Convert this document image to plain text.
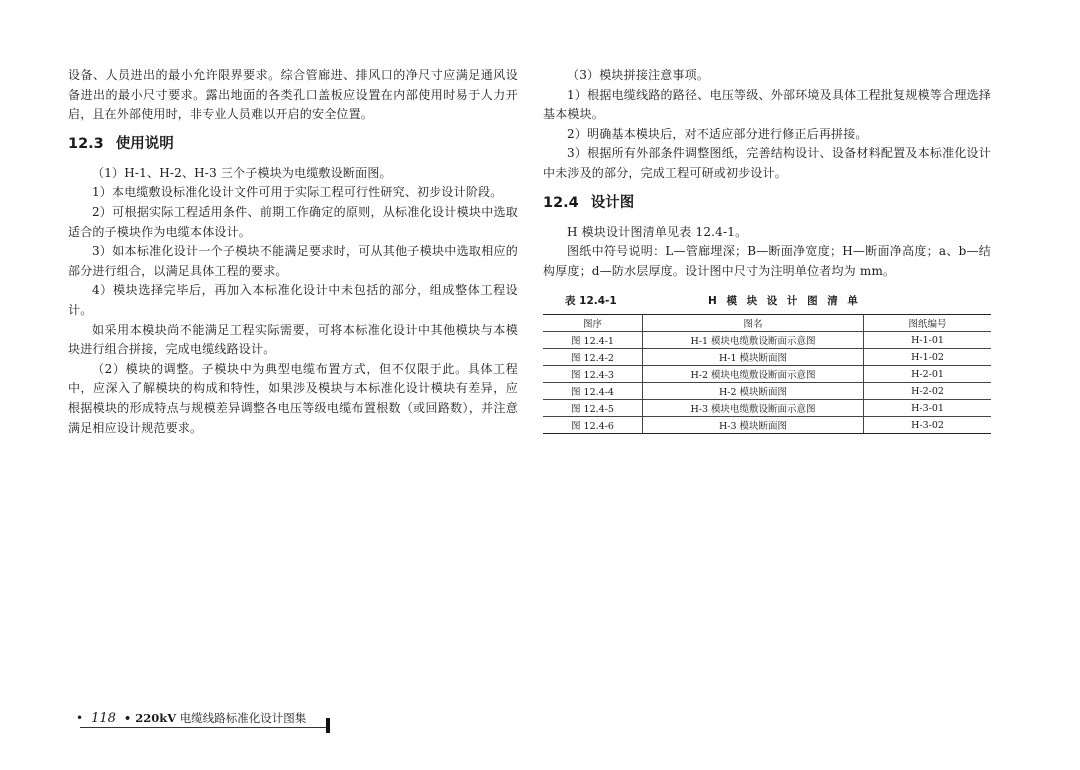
设备、人员进出的最小允许限界要求。综合管廊进、排风口的净尺寸应满足通风设备进出的最小尺寸要求。露出地面的各类孔口盖板应设置在内部使用时易于人力开启，且在外部使用时，非专业人员难以开启的安全位置。

12.3 使用说明

（1）H-1、H-2、H-3 三个子模块为电缆敷设断面图。

1）本电缆敷设标准化设计文件可用于实际工程可行性研究、初步设计阶段。

2）可根据实际工程适用条件、前期工作确定的原则，从标准化设计模块中选取适合的子模块作为电缆本体设计。

3）如本标准化设计一个子模块不能满足要求时，可从其他子模块中选取相应的部分进行组合，以满足具体工程的要求。

4）模块选择完毕后，再加入本标准化设计中未包括的部分，组成整体工程设计。

如采用本模块尚不能满足工程实际需要，可将本标准化设计中其他模块与本模块进行组合拼接，完成电缆线路设计。

（2）模块的调整。子模块中为典型电缆布置方式，但不仅限于此。具体工程中，应深入了解模块的构成和特性，如果涉及模块与本标准化设计模块有差异，应根据模块的形成特点与规模差异调整各电压等级电缆布置根数（或回路数），并注意满足相应设计规范要求。

（3）模块拼接注意事项。

1）根据电缆线路的路径、电压等级、外部环境及具体工程批复规模等合理选择基本模块。

2）明确基本模块后，对不适应部分进行修正后再拼接。

3）根据所有外部条件调整图纸，完善结构设计、设备材料配置及本标准化设计中未涉及的部分，完成工程可研或初步设计。

12.4 设计图

H 模块设计图清单见表 12.4-1。

图纸中符号说明：L—管廊埋深；B—断面净宽度；H—断面净高度；a、b—结构厚度；d—防水层厚度。设计图中尺寸为注明单位者均为 mm。

表 12.4-1	H 模 块 设 计 图 清 单
图序	图名	图纸编号
图 12.4-1	H-1 模块电缆敷设断面示意图	H-1-01
图 12.4-2	H-1 模块断面图	H-1-02
图 12.4-3	H-2 模块电缆敷设断面示意图	H-2-01
图 12.4-4	H-2 模块断面图	H-2-02
图 12.4-5	H-3 模块电缆敷设断面示意图	H-3-01
图 12.4-6	H-3 模块断面图	H-3-02
• 118 • 220kV 电缆线路标准化设计图集
